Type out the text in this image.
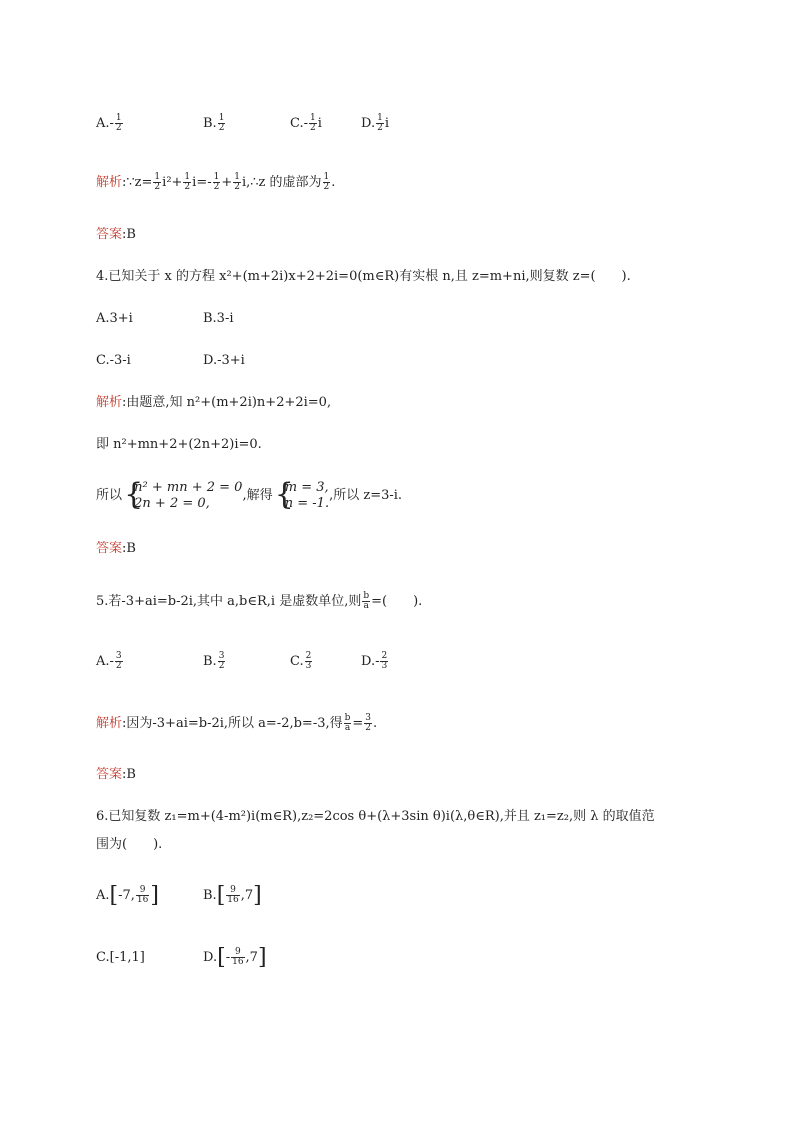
$A.- \frac{1}{2}$	B. $\frac{1}{2}$	$C.- \frac{1}{2}$ i	D. $\frac{1}{2}$ i
解析:∵z= $\frac{1}{2} i^2+ \frac{1}{2} i=- \frac{1}{2} + \frac{1}{2}$ i,∴z 的虚部为 $\frac{1}{2}$ .
答案:B
4.已知关于 x 的方程 x²+(m+2i)x+2+2i=0(m∈R)有实根 n,且 z=m+ni,则复数 z=(　　).
A.3+i	B.3-i
C.-3-i	D.-3+i
解析:由题意,知 n²+(m+2i)n+2+2i=0,
即 n²+mn+2+(2n+2)i=0.
所以
{ n² + mn + 2 = 0
2n + 2 = 0,	,解得
{ m = 3,
n = -1. ,所以 z=3-i.
答案:B
5.若-3+ai=b-2i,其中 a,b∈R,i 是虚数单位,则 $\frac{b}{a}$ =(　　).
$A.- \frac{3}{2}$	B. $\frac{3}{2}$	C. $\frac{2}{3}$	$D.- \frac{2}{3}$
解析:因为-3+ai=b-2i,所以 a=-2,b=-3,得 $\frac{b}{a} = \frac{3}{2}$ .
答案:B
6.已知复数 z₁=m+(4-m²)i(m∈R),z₂=2cos θ+(λ+3sin θ)i(λ,θ∈R),并且 z₁=z₂,则 λ 的取值范
围为(　　).
A.[-7, $\frac{9}{16}$ ]	$B.[ \frac{9}{16} ,7]$
C.[-1,1]	$D.[- \frac{9}{16} ,7]$
